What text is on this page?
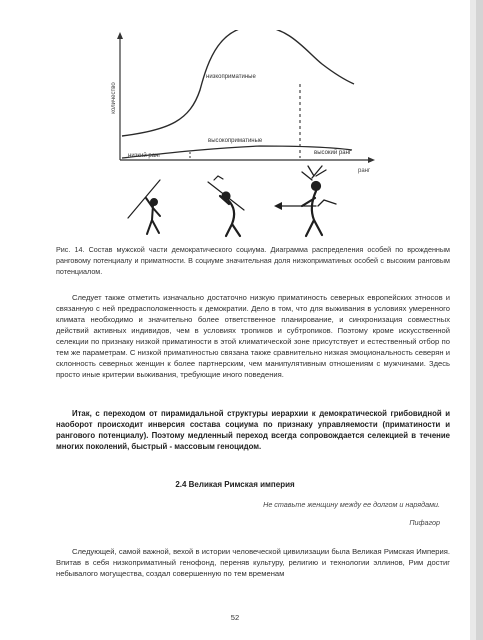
количество
ранг
низкоприматиные
высокоприматиные
низкий ранг	высокий ранг
Рис. 14. Состав мужской части демократического социума. Диаграмма распределения особей по врожденным ранговому потенциалу и приматности. В социуме значительная доля низкоприматиных особей с высоким ранговым потенциалом.
Следует также отметить изначально достаточно низкую приматиность северных европейских этносов и связанную с ней предрасположенность к демократии. Дело в том, что для выживания в условиях умеренного климата необходимо и значительно более ответственное планирование, и синхронизация совместных действий активных индивидов, чем в условиях тропиков и субтропиков. Поэтому кроме искусственной селекции по признаку низкой приматиности в этой климатической зоне присутствует и естественный отбор по тем же параметрам. С низкой приматиностью связана также сравнительно низкая эмоциональность северян и склонность северных женщин к более партнерским, чем манипулятивным отношениям с мужчинами. Здесь просто иные критерии выживания, требующие иного поведения.
Итак, с переходом от пирамидальной структуры иерархии к демократической грибовидной и наоборот происходит инверсия состава социума по признаку управляемости (приматиности и рангового потенциалу). Поэтому медленный переход всегда сопровождается селекцией в течение многих поколений, быстрый - массовым геноцидом.
2.4 Великая Римская империя
Не ставьте женщину между ее долгом и нарядами.
Пифагор
Следующей, самой важной, вехой в истории человеческой цивилизации была Великая Римская Империя. Впитав в себя низкоприматиный генофонд, переняв культуру, религию и технологии эллинов, Рим достиг небывалого могущества, создал совершенную по тем временам
52
